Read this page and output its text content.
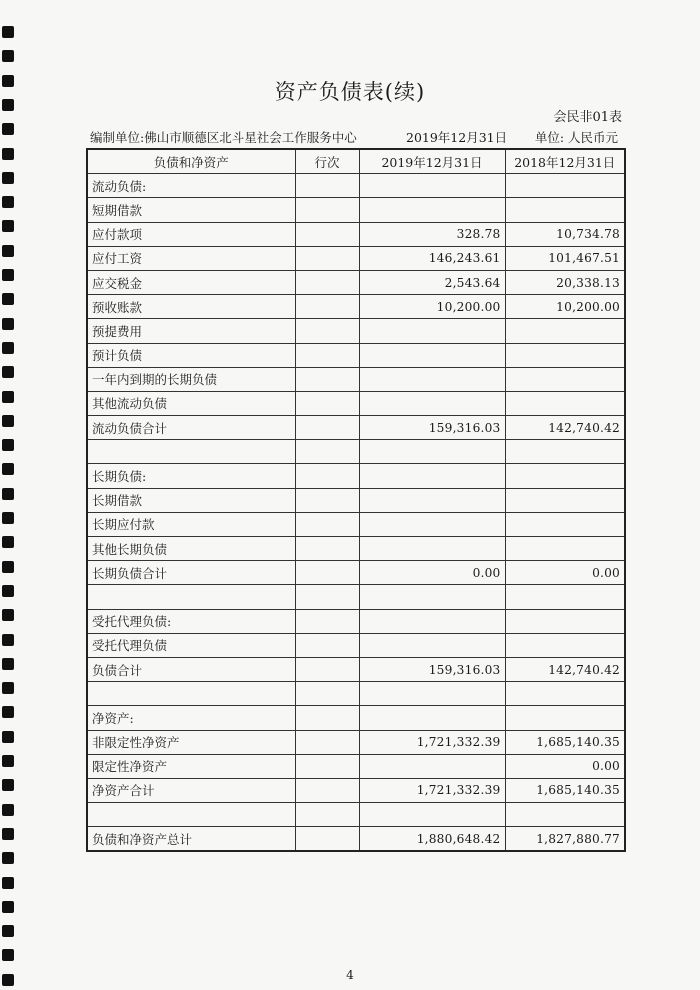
资产负债表(续)
会民非01表
编制单位:佛山市顺德区北斗星社会工作服务中心	2019年12月31日 单位: 人民币元
负债和净资产	行次	2019年12月31日	2018年12月31日
流动负债:			
短期借款			
应付款项		328.78	10,734.78
应付工资		146,243.61	101,467.51
应交税金		2,543.64	20,338.13
预收账款		10,200.00	10,200.00
预提费用			
预计负债			
一年内到期的长期负债			
其他流动负债			
流动负债合计		159,316.03	142,740.42

长期负债:			
长期借款			
长期应付款			
其他长期负债			
长期负债合计		0.00	0.00

受托代理负债:			
受托代理负债			
负债合计		159,316.03	142,740.42

净资产:			
非限定性净资产		1,721,332.39	1,685,140.35
限定性净资产			0.00
净资产合计		1,721,332.39	1,685,140.35

负债和净资产总计		1,880,648.42	1,827,880.77
4
